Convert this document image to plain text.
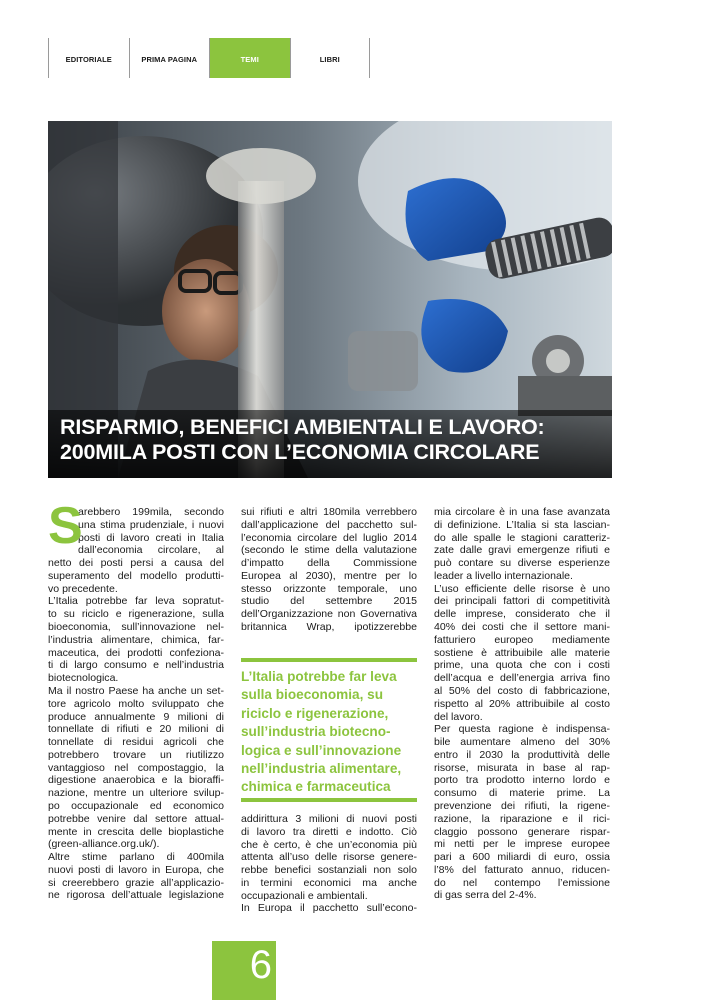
EDITORIALE	PRIMA PAGINA	TEMI	LIBRI
RISPARMIO, BENEFICI AMBIENTALI E LAVORO:
200MILA POSTI CON L’ECONOMIA CIRCOLARE
S
arebbero 199mila, secondo
una stima prudenziale, i nuovi
posti di lavoro creati in Italia
dall’economia circolare, al
netto dei posti persi a causa del
superamento del modello produtti-
vo precedente.
L’Italia potrebbe far leva sopratut-
to su riciclo e rigenerazione, sulla
bioeconomia, sull’innovazione nel-
l’industria alimentare, chimica, far-
maceutica, dei prodotti confeziona-
ti di largo consumo e nell’industria
biotecnologica.
Ma il nostro Paese ha anche un set-
tore agricolo molto sviluppato che
produce annualmente 9 milioni di
tonnellate di rifiuti e 20 milioni di
tonnellate di residui agricoli che
potrebbero trovare un riutilizzo
vantaggioso nel compostaggio, la
digestione anaerobica e la bioraffi-
nazione, mentre un ulteriore svilup-
po occupazionale ed economico
potrebbe venire dal settore attual-
mente in crescita delle bioplastiche
(green-alliance.org.uk/).
Altre stime parlano di 400mila
nuovi posti di lavoro in Europa, che
si creerebbero grazie all’applicazio-
ne rigorosa dell’attuale legislazione
sui rifiuti e altri 180mila verrebbero
dall’applicazione del pacchetto sul-
l’economia circolare del luglio 2014
(secondo le stime della valutazione
d’impatto della Commissione
Europea al 2030), mentre per lo
stesso orizzonte temporale, uno
studio del settembre 2015
dell’Organizzazione non Governativa
britannica Wrap, ipotizzerebbe
L’Italia potrebbe far leva
sulla bioeconomia, su
riciclo e rigenerazione,
sull’industria biotecno-
logica e sull’innovazione
nell’industria alimentare,
chimica e farmaceutica
addirittura 3 milioni di nuovi posti
di lavoro tra diretti e indotto. Ciò
che è certo, è che un’economia più
attenta all’uso delle risorse genere-
rebbe benefici sostanziali non solo
in termini economici ma anche
occupazionali e ambientali.
In Europa il pacchetto sull’econo-
mia circolare è in una fase avanzata
di definizione. L’Italia si sta lascian-
do alle spalle le stagioni caratteriz-
zate dalle gravi emergenze rifiuti e
può contare su diverse esperienze
leader a livello internazionale.
L’uso efficiente delle risorse è uno
dei principali fattori di competitività
delle imprese, considerato che il
40% dei costi che il settore mani-
fatturiero europeo mediamente
sostiene è attribuibile alle materie
prime, una quota che con i costi
dell’acqua e dell’energia arriva fino
al 50% del costo di fabbricazione,
rispetto al 20% attribuibile al costo
del lavoro.
Per questa ragione è indispensa-
bile aumentare almeno del 30%
entro il 2030 la produttività delle
risorse, misurata in base al rap-
porto tra prodotto interno lordo e
consumo di materie prime. La
prevenzione dei rifiuti, la rigene-
razione, la riparazione e il rici-
claggio possono generare rispar-
mi netti per le imprese europee
pari a 600 miliardi di euro, ossia
l’8% del fatturato annuo, riducen-
do nel contempo l’emissione
di gas serra del 2-4%.
6
